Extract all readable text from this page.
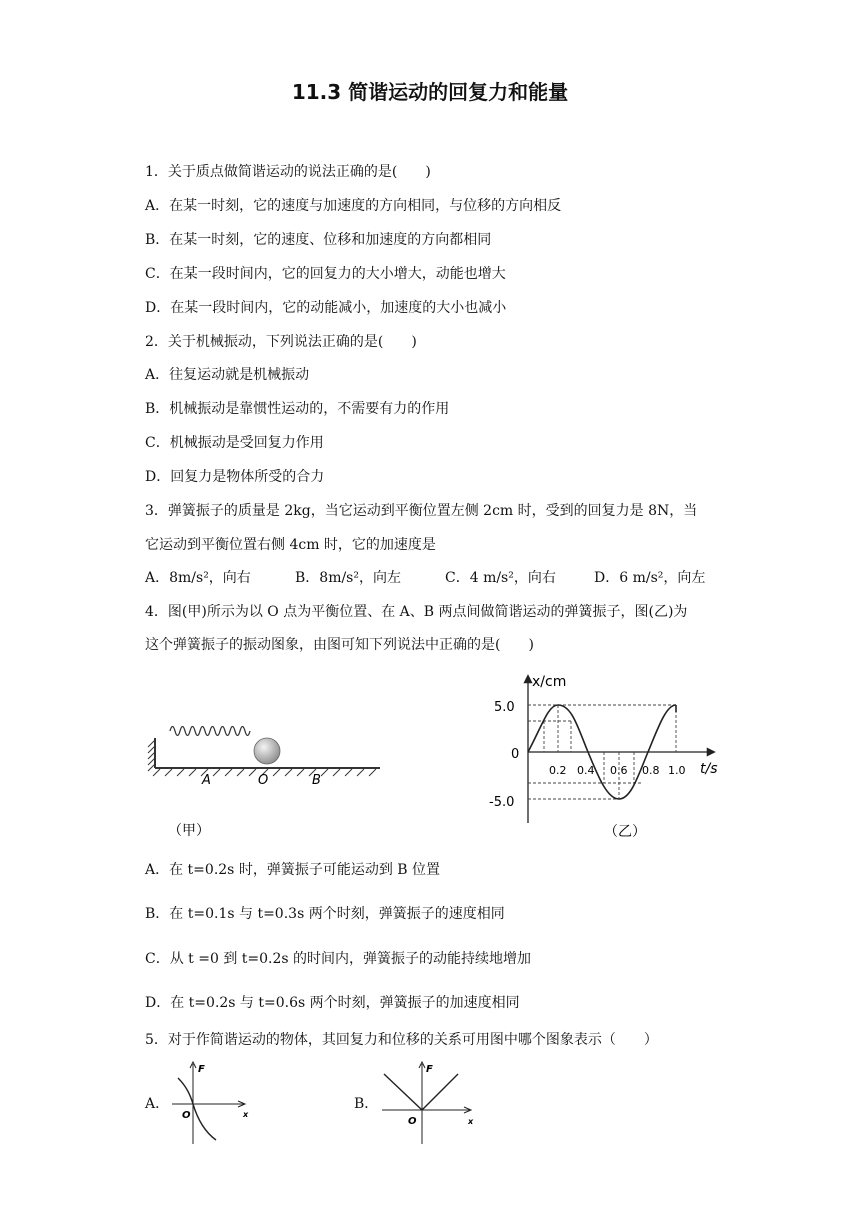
11.3 简谐运动的回复力和能量
1．关于质点做简谐运动的说法正确的是(　　)
A．在某一时刻，它的速度与加速度的方向相同，与位移的方向相反
B．在某一时刻，它的速度、位移和加速度的方向都相同
C．在某一段时间内，它的回复力的大小增大，动能也增大
D．在某一段时间内，它的动能减小，加速度的大小也减小
2．关于机械振动，下列说法正确的是(　　)
A．往复运动就是机械振动
B．机械振动是靠惯性运动的，不需要有力的作用
C．机械振动是受回复力作用
D．回复力是物体所受的合力
3．弹簧振子的质量是 2kg，当它运动到平衡位置左侧 2cm 时，受到的回复力是 8N，当
它运动到平衡位置右侧 4cm 时，它的加速度是
A．8m/s²，向右	B．8m/s²，向左	C．4 m/s²，向右	D．6 m/s²，向左
4．图(甲)所示为以 O 点为平衡位置、在 A、B 两点间做简谐运动的弹簧振子，图(乙)为
这个弹簧振子的振动图象，由图可知下列说法中正确的是(　　)
A	O	B
（甲）
x/cm
t/s
5.0
0
-5.0
0.2 0.4 0.6 0.8 1.0
（乙）
A．在 t=0.2s 时，弹簧振子可能运动到 B 位置
B．在 t=0.1s 与 t=0.3s 两个时刻，弹簧振子的速度相同
C．从 t =0 到 t=0.2s 的时间内，弹簧振子的动能持续地增加
D．在 t=0.2s 与 t=0.6s 两个时刻，弹簧振子的加速度相同
5．对于作简谐运动的物体，其回复力和位移的关系可用图中哪个图象表示（　　）
A．
F
O	x
B．
F
O	x
